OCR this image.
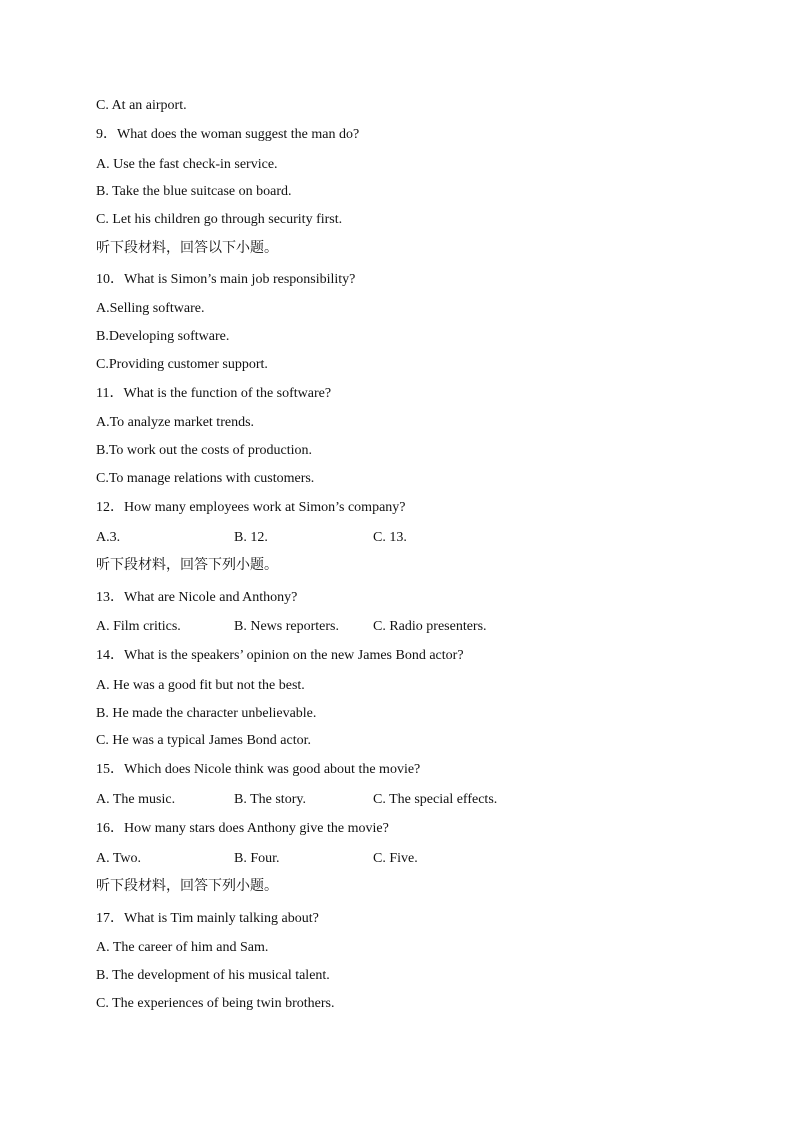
C. At an airport.
9．What does the woman suggest the man do?
A. Use the fast check-in service.
B. Take the blue suitcase on board.
C. Let his children go through security first.
听下段材料，回答以下小题。
10．What is Simon’s main job responsibility?
A.Selling software.
B.Developing software.
C.Providing customer support.
11．What is the function of the software?
A.To analyze market trends.
B.To work out the costs of production.
C.To manage relations with customers.
12．How many employees work at Simon’s company?
A.3.	B. 12.	C. 13.
听下段材料，回答下列小题。
13．What are Nicole and Anthony?
A. Film critics.	B. News reporters. C. Radio presenters.
14．What is the speakers’ opinion on the new James Bond actor?
A. He was a good fit but not the best.
B. He made the character unbelievable.
C. He was a typical James Bond actor.
15．Which does Nicole think was good about the movie?
A. The music.	B. The story.	C. The special effects.
16．How many stars does Anthony give the movie?
A. Two.	B. Four.	C. Five.
听下段材料，回答下列小题。
17．What is Tim mainly talking about?
A. The career of him and Sam.
B. The development of his musical talent.
C. The experiences of being twin brothers.
